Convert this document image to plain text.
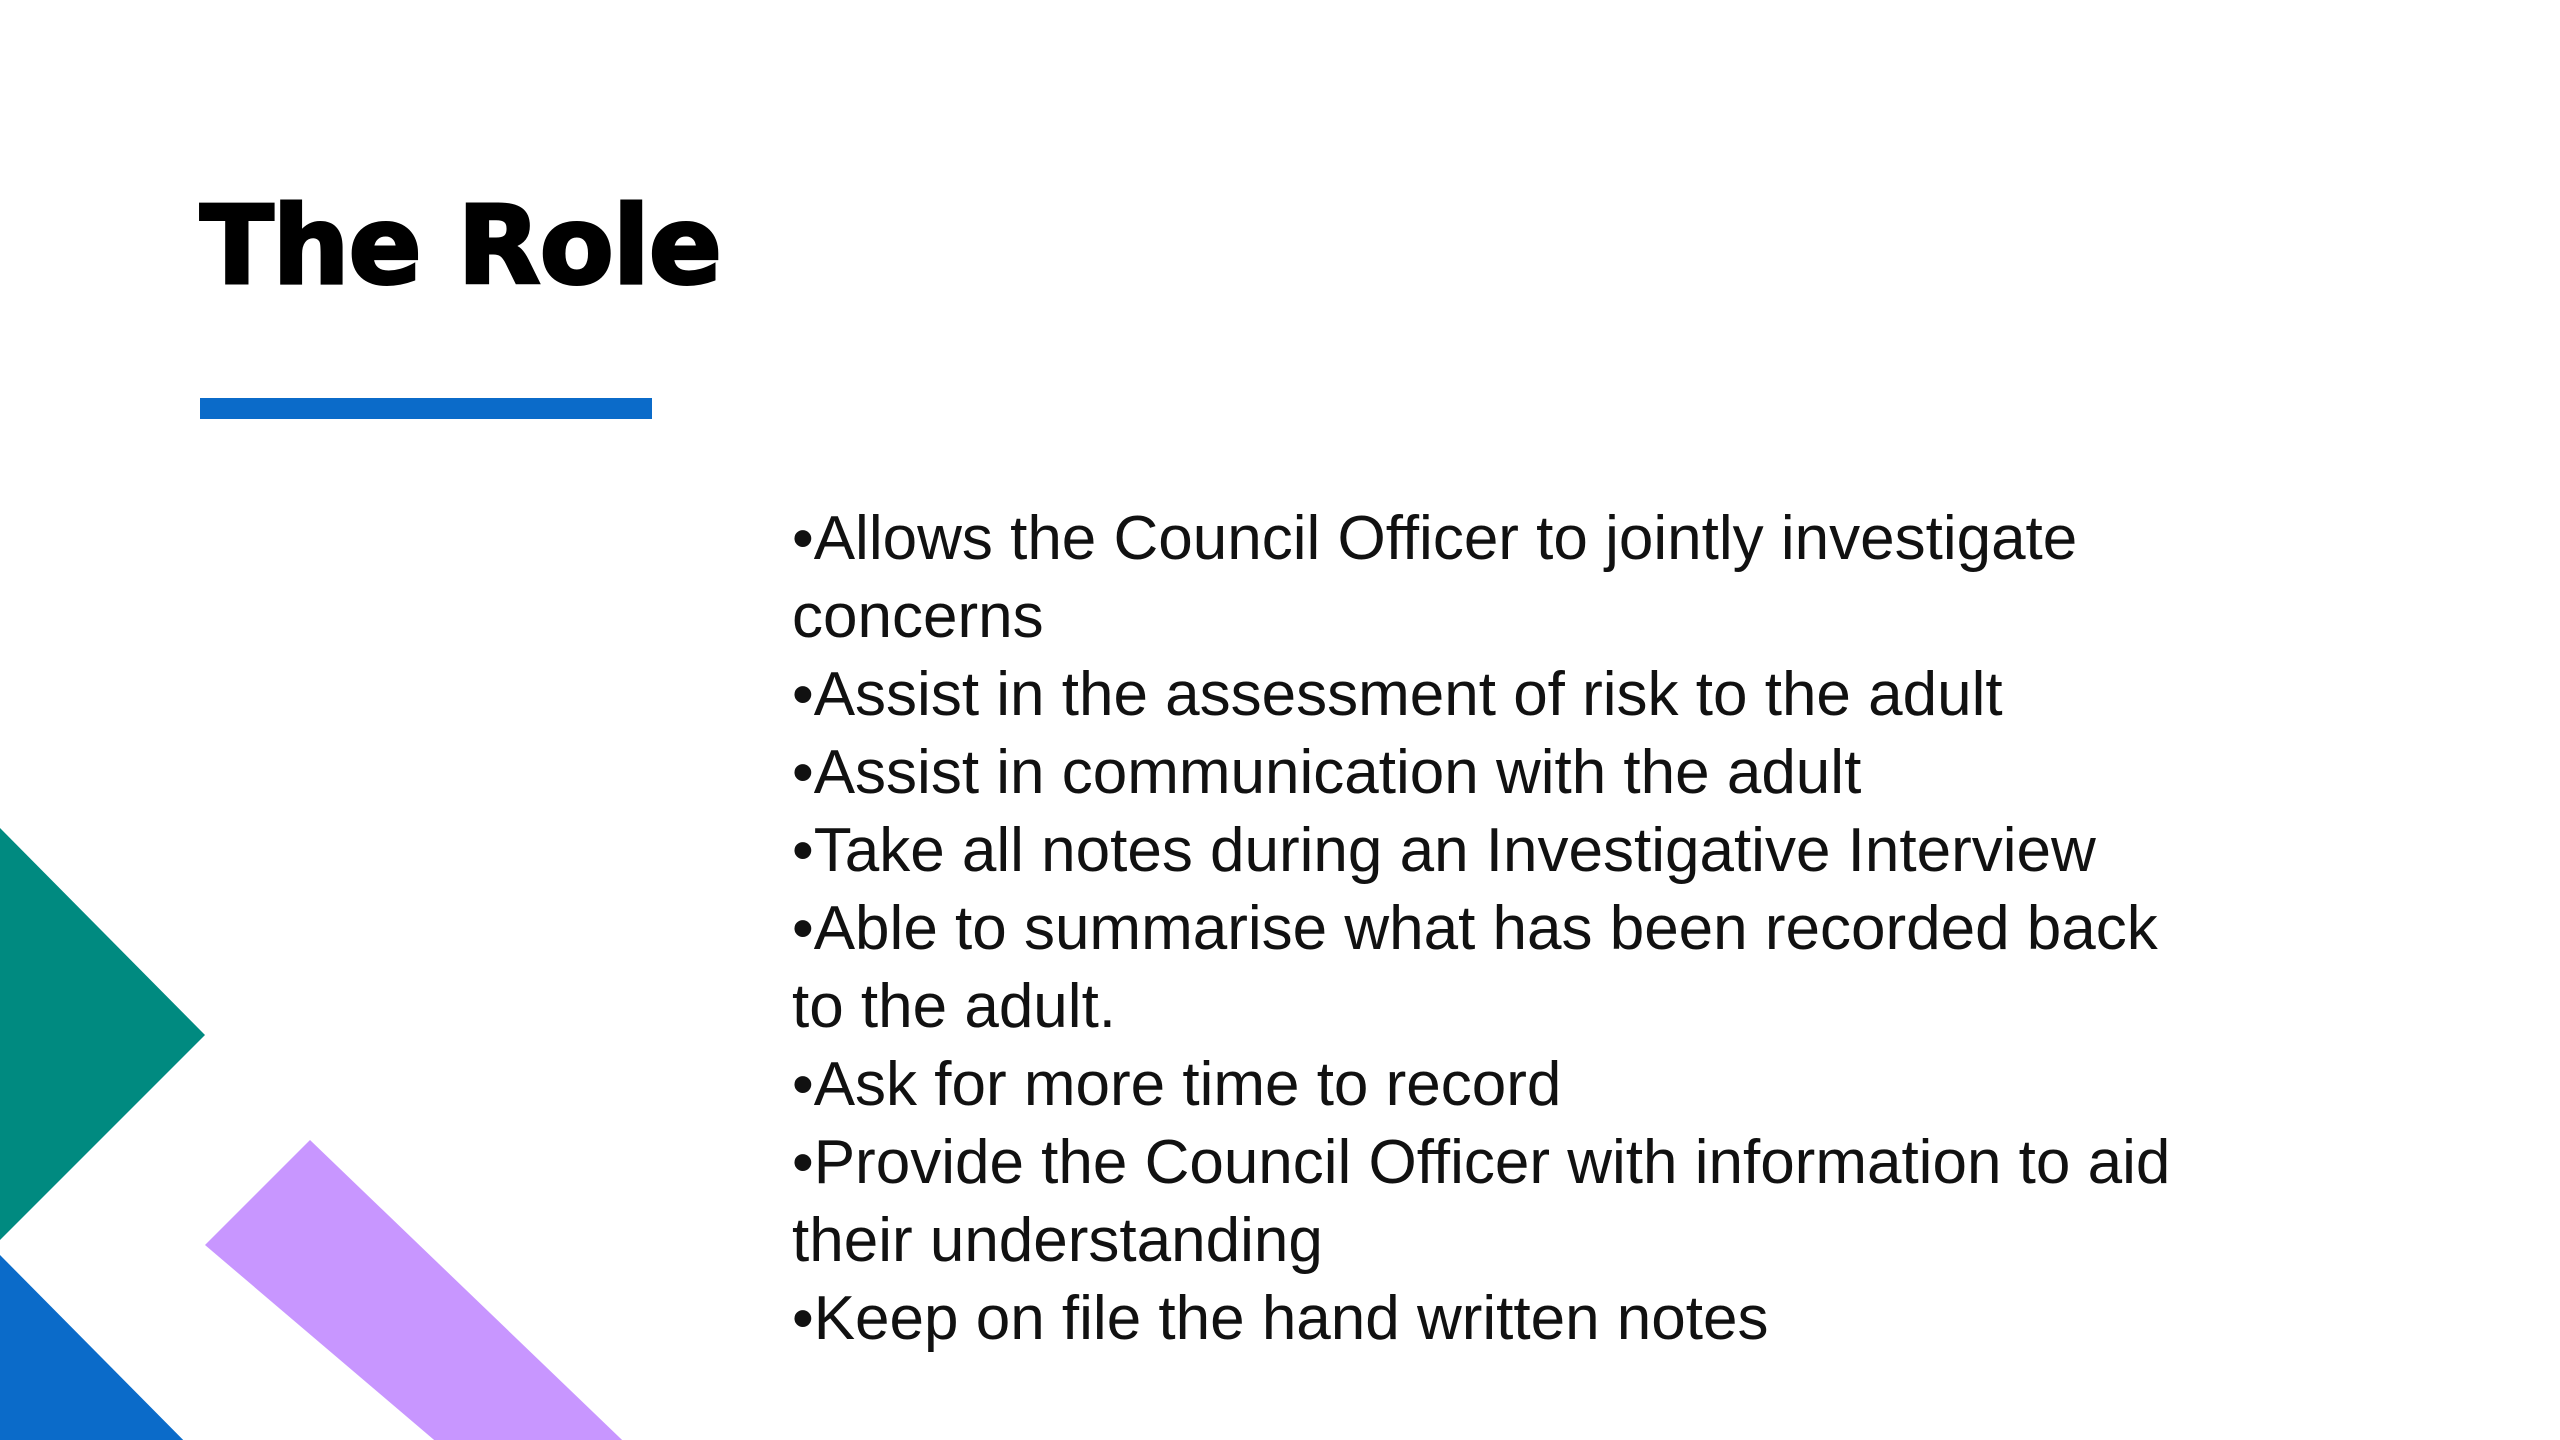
The Role
•Allows the Council Officer to jointly investigate concerns
•Assist in the assessment of risk to the adult
•Assist in communication with the adult
•Take all notes during an Investigative Interview
•Able to summarise what has been recorded back to the adult.
•Ask for more time to record
•Provide the Council Officer with information to aid their understanding
•Keep on file the hand written notes
